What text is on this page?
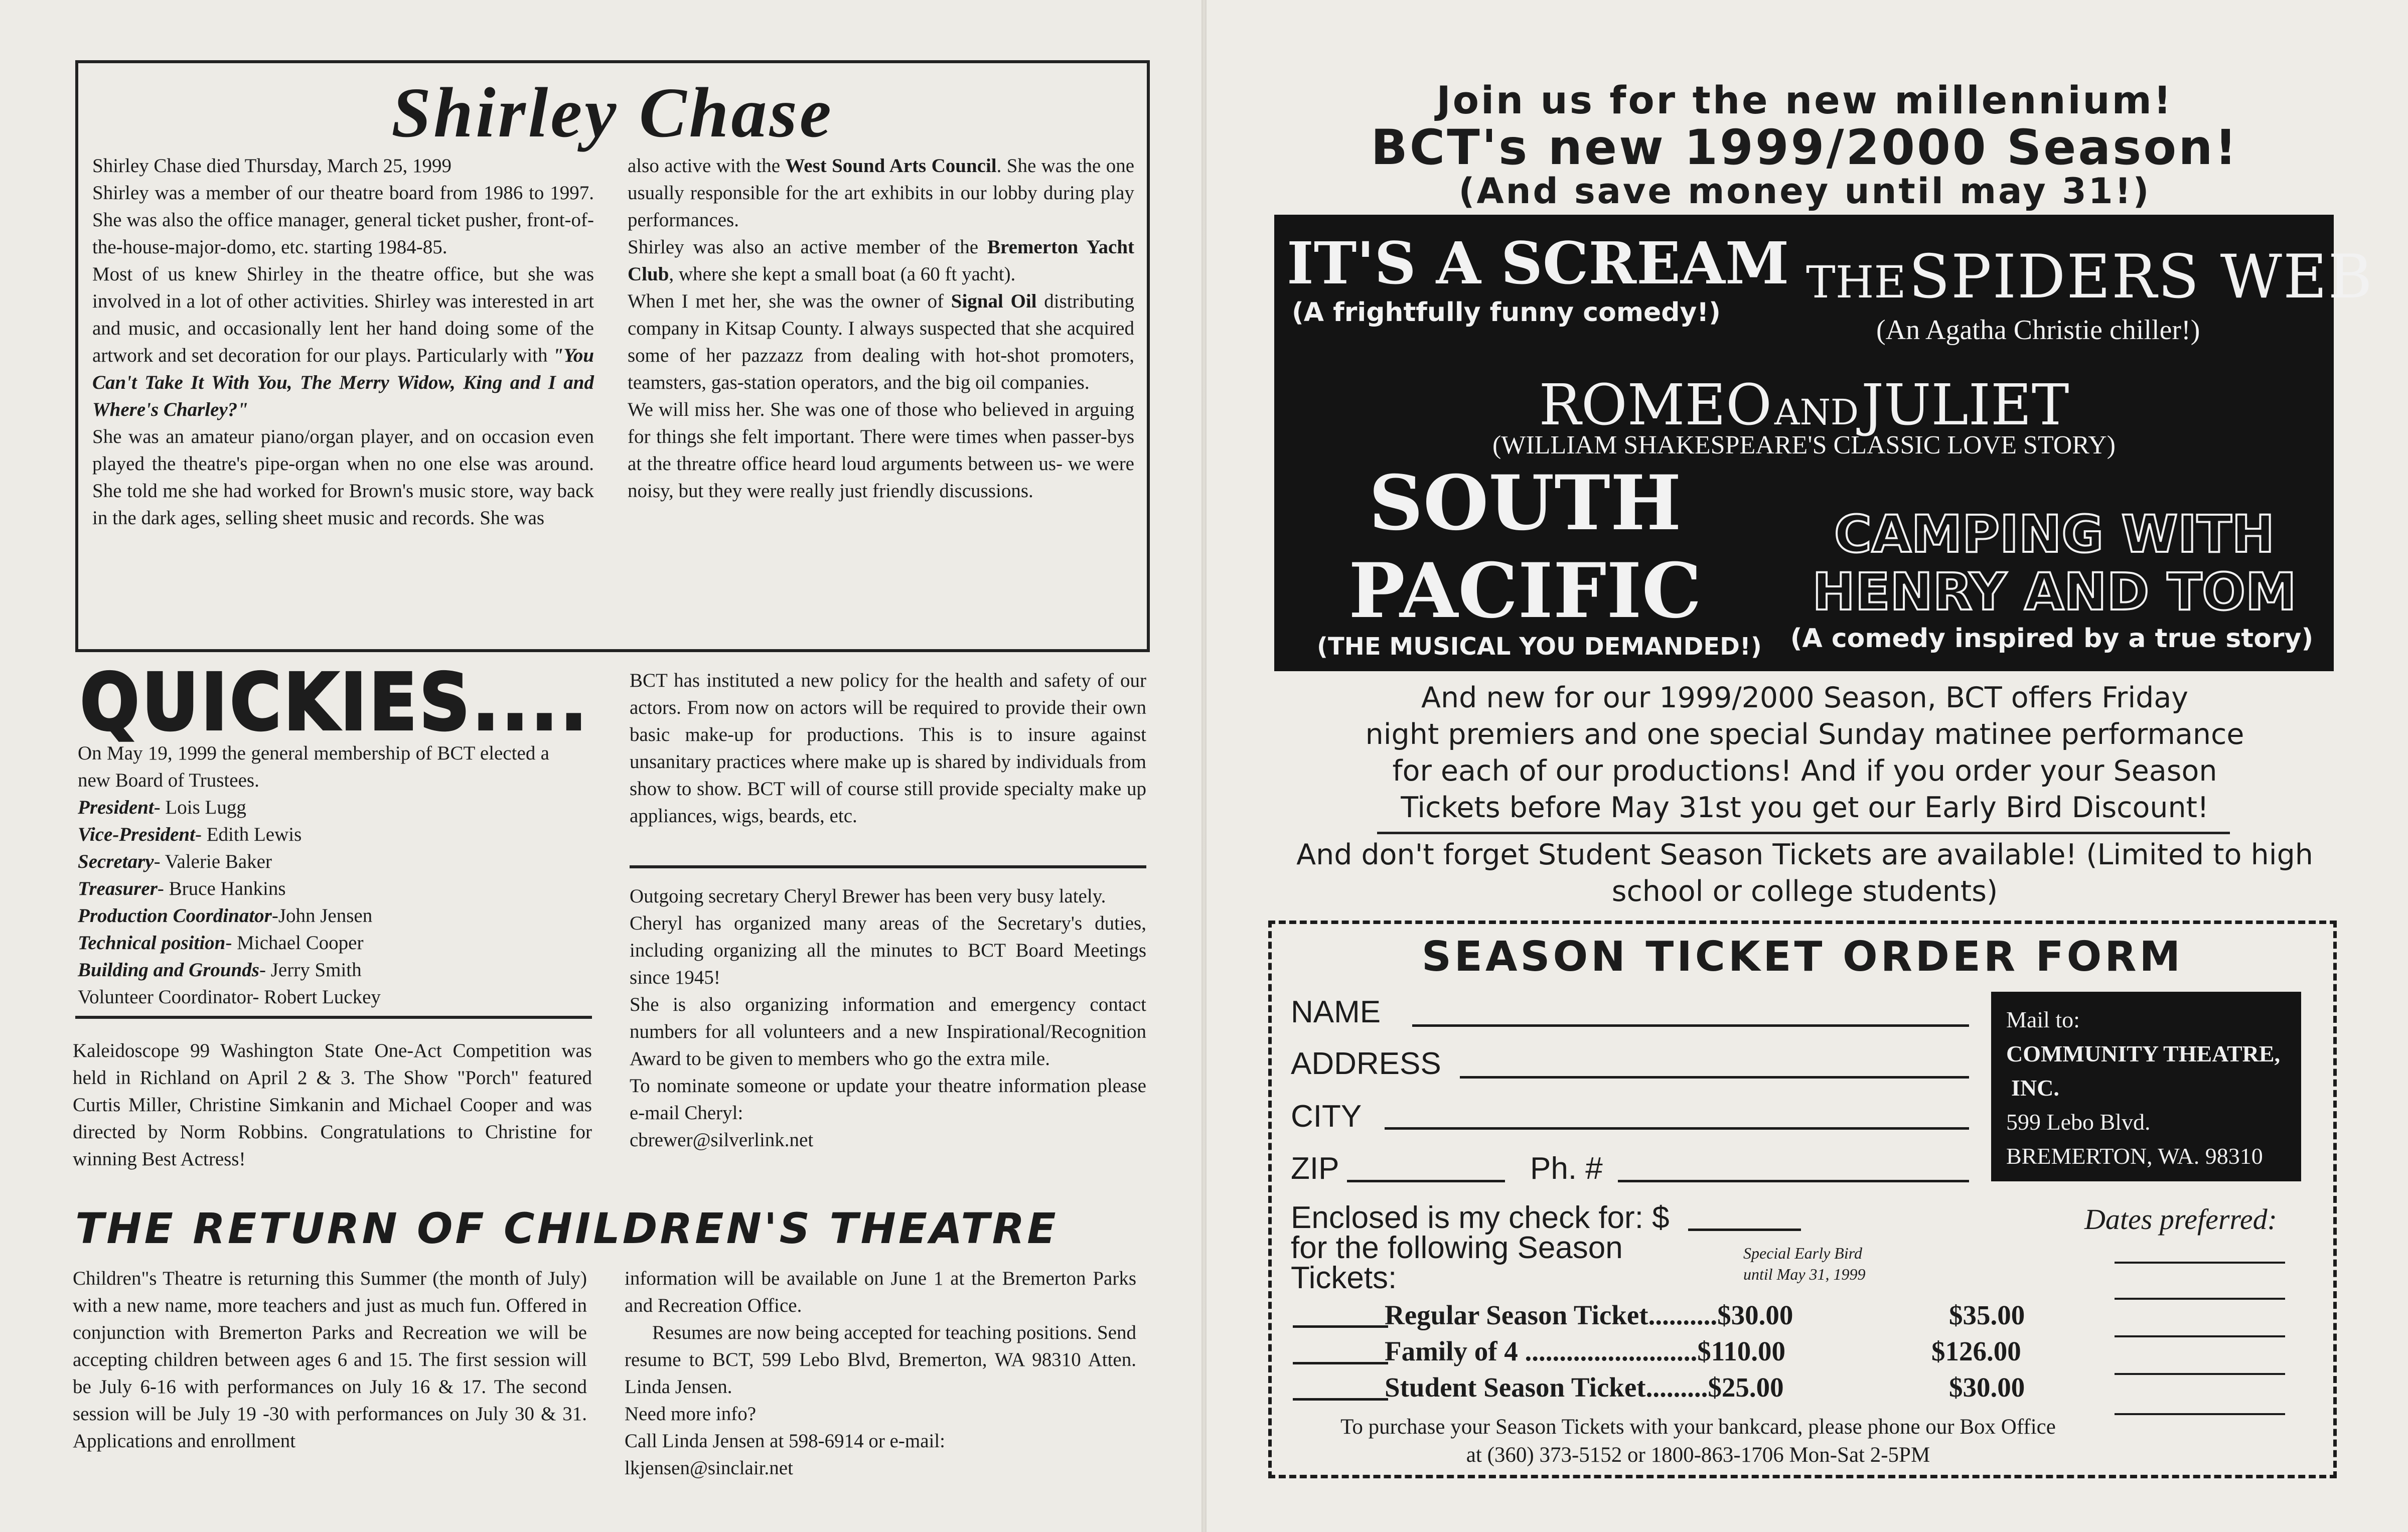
Shirley Chase

Shirley Chase died Thursday, March 25, 1999

Shirley was a member of our theatre board from 1986 to 1997. She was also the office manager, general ticket pusher, front-of-the-house-major-domo, etc. starting 1984-85.

Most of us knew Shirley in the theatre office, but she was involved in a lot of other activities. Shirley was interested in art and music, and occasionally lent her hand doing some of the artwork and set decoration for our plays. Particularly with "You Can't Take It With You, The Merry Widow, King and I and Where's Charley?"

She was an amateur piano/organ player, and on occasion even played the theatre's pipe-organ when no one else was around. She told me she had worked for Brown's music store, way back in the dark ages, selling sheet music and records. She was

also active with the West Sound Arts Council. She was the one usually responsible for the art exhibits in our lobby during play performances.

Shirley was also an active member of the Bremerton Yacht Club, where she kept a small boat (a 60 ft yacht).

When I met her, she was the owner of Signal Oil distributing company in Kitsap County. I always suspected that she acquired some of her pazzazz from dealing with hot-shot promoters, teamsters, gas-station operators, and the big oil companies.

We will miss her. She was one of those who believed in arguing for things she felt important. There were times when passer-bys at the threatre office heard loud arguments between us- we were noisy, but they were really just friendly discussions.

QUICKIES....

On May 19, 1999 the general membership of BCT elected a new Board of Trustees.

President- Lois Lugg

Vice-President- Edith Lewis

Secretary- Valerie Baker

Treasurer- Bruce Hankins

Production Coordinator-John Jensen

Technical position- Michael Cooper

Building and Grounds- Jerry Smith

Volunteer Coordinator- Robert Luckey

Kaleidoscope 99 Washington State One-Act Competition was held in Richland on April 2 & 3. The Show "Porch" featured Curtis Miller, Christine Simkanin and Michael Cooper and was directed by Norm Robbins. Congratulations to Christine for winning Best Actress!
BCT has instituted a new policy for the health and safety of our actors. From now on actors will be required to provide their own basic make-up for productions. This is to insure against unsanitary practices where make up is shared by individuals from show to show. BCT will of course still provide specialty make up appliances, wigs, beards, etc.

Outgoing secretary Cheryl Brewer has been very busy lately.

Cheryl has organized many areas of the Secretary's duties, including organizing all the minutes to BCT Board Meetings since 1945!

She is also organizing information and emergency contact numbers for all volunteers and a new Inspirational/Recognition Award to be given to members who go the extra mile.

To nominate someone or update your theatre information please e-mail Cheryl:

cbrewer@silverlink.net

THE RETURN OF CHILDREN'S THEATRE
Children"s Theatre is returning this Summer (the month of July) with a new name, more teachers and just as much fun. Offered in conjunction with Bremerton Parks and Recreation we will be accepting children between ages 6 and 15. The first session will be July 6-16 with performances on July 16 & 17. The second session will be July 19 -30 with performances on July 30 & 31. Applications and enrollment

information will be available on June 1 at the Bremerton Parks and Recreation Office.

Resumes are now being accepted for teaching positions. Send resume to BCT, 599 Lebo Blvd, Bremerton, WA 98310 Atten. Linda Jensen.

Need more info?

Call Linda Jensen at 598-6914 or e-mail:

lkjensen@sinclair.net

Join us for the new millennium!
BCT's new 1999/2000 Season!
(And save money until may 31!)
IT'S A SCREAM
(A frightfully funny comedy!)
THE SPIDERS WEB
(An Agatha Christie chiller!)
ROMEO AND JULIET
(WILLIAM SHAKESPEARE'S CLASSIC LOVE STORY)
SOUTH
PACIFIC
(THE MUSICAL YOU DEMANDED!)
CAMPING WITH
HENRY AND TOM
(A comedy inspired by a true story)
And new for our 1999/2000 Season, BCT offers Friday
night premiers and one special Sunday matinee performance
for each of our productions! And if you order your Season
Tickets before May 31st you get our Early Bird Discount!
And don't forget Student Season Tickets are available! (Limited to high
school or college students)
SEASON TICKET ORDER FORM
NAME
ADDRESS
CITY
ZIP	Ph. #
Mail to:
COMMUNITY THEATRE,
INC.
599 Lebo Blvd.
BREMERTON, WA. 98310
Enclosed is my check for: $
for the following Season
Tickets:
Special Early Bird
until May 31, 1999
Dates preferred:
Regular Season Ticket..........$30.00	$35.00
Family of 4 .........................$110.00	$126.00
Student Season Ticket.........$25.00	$30.00
To purchase your Season Tickets with your bankcard, please phone our Box Office
at (360) 373-5152 or 1800-863-1706 Mon-Sat 2-5PM
